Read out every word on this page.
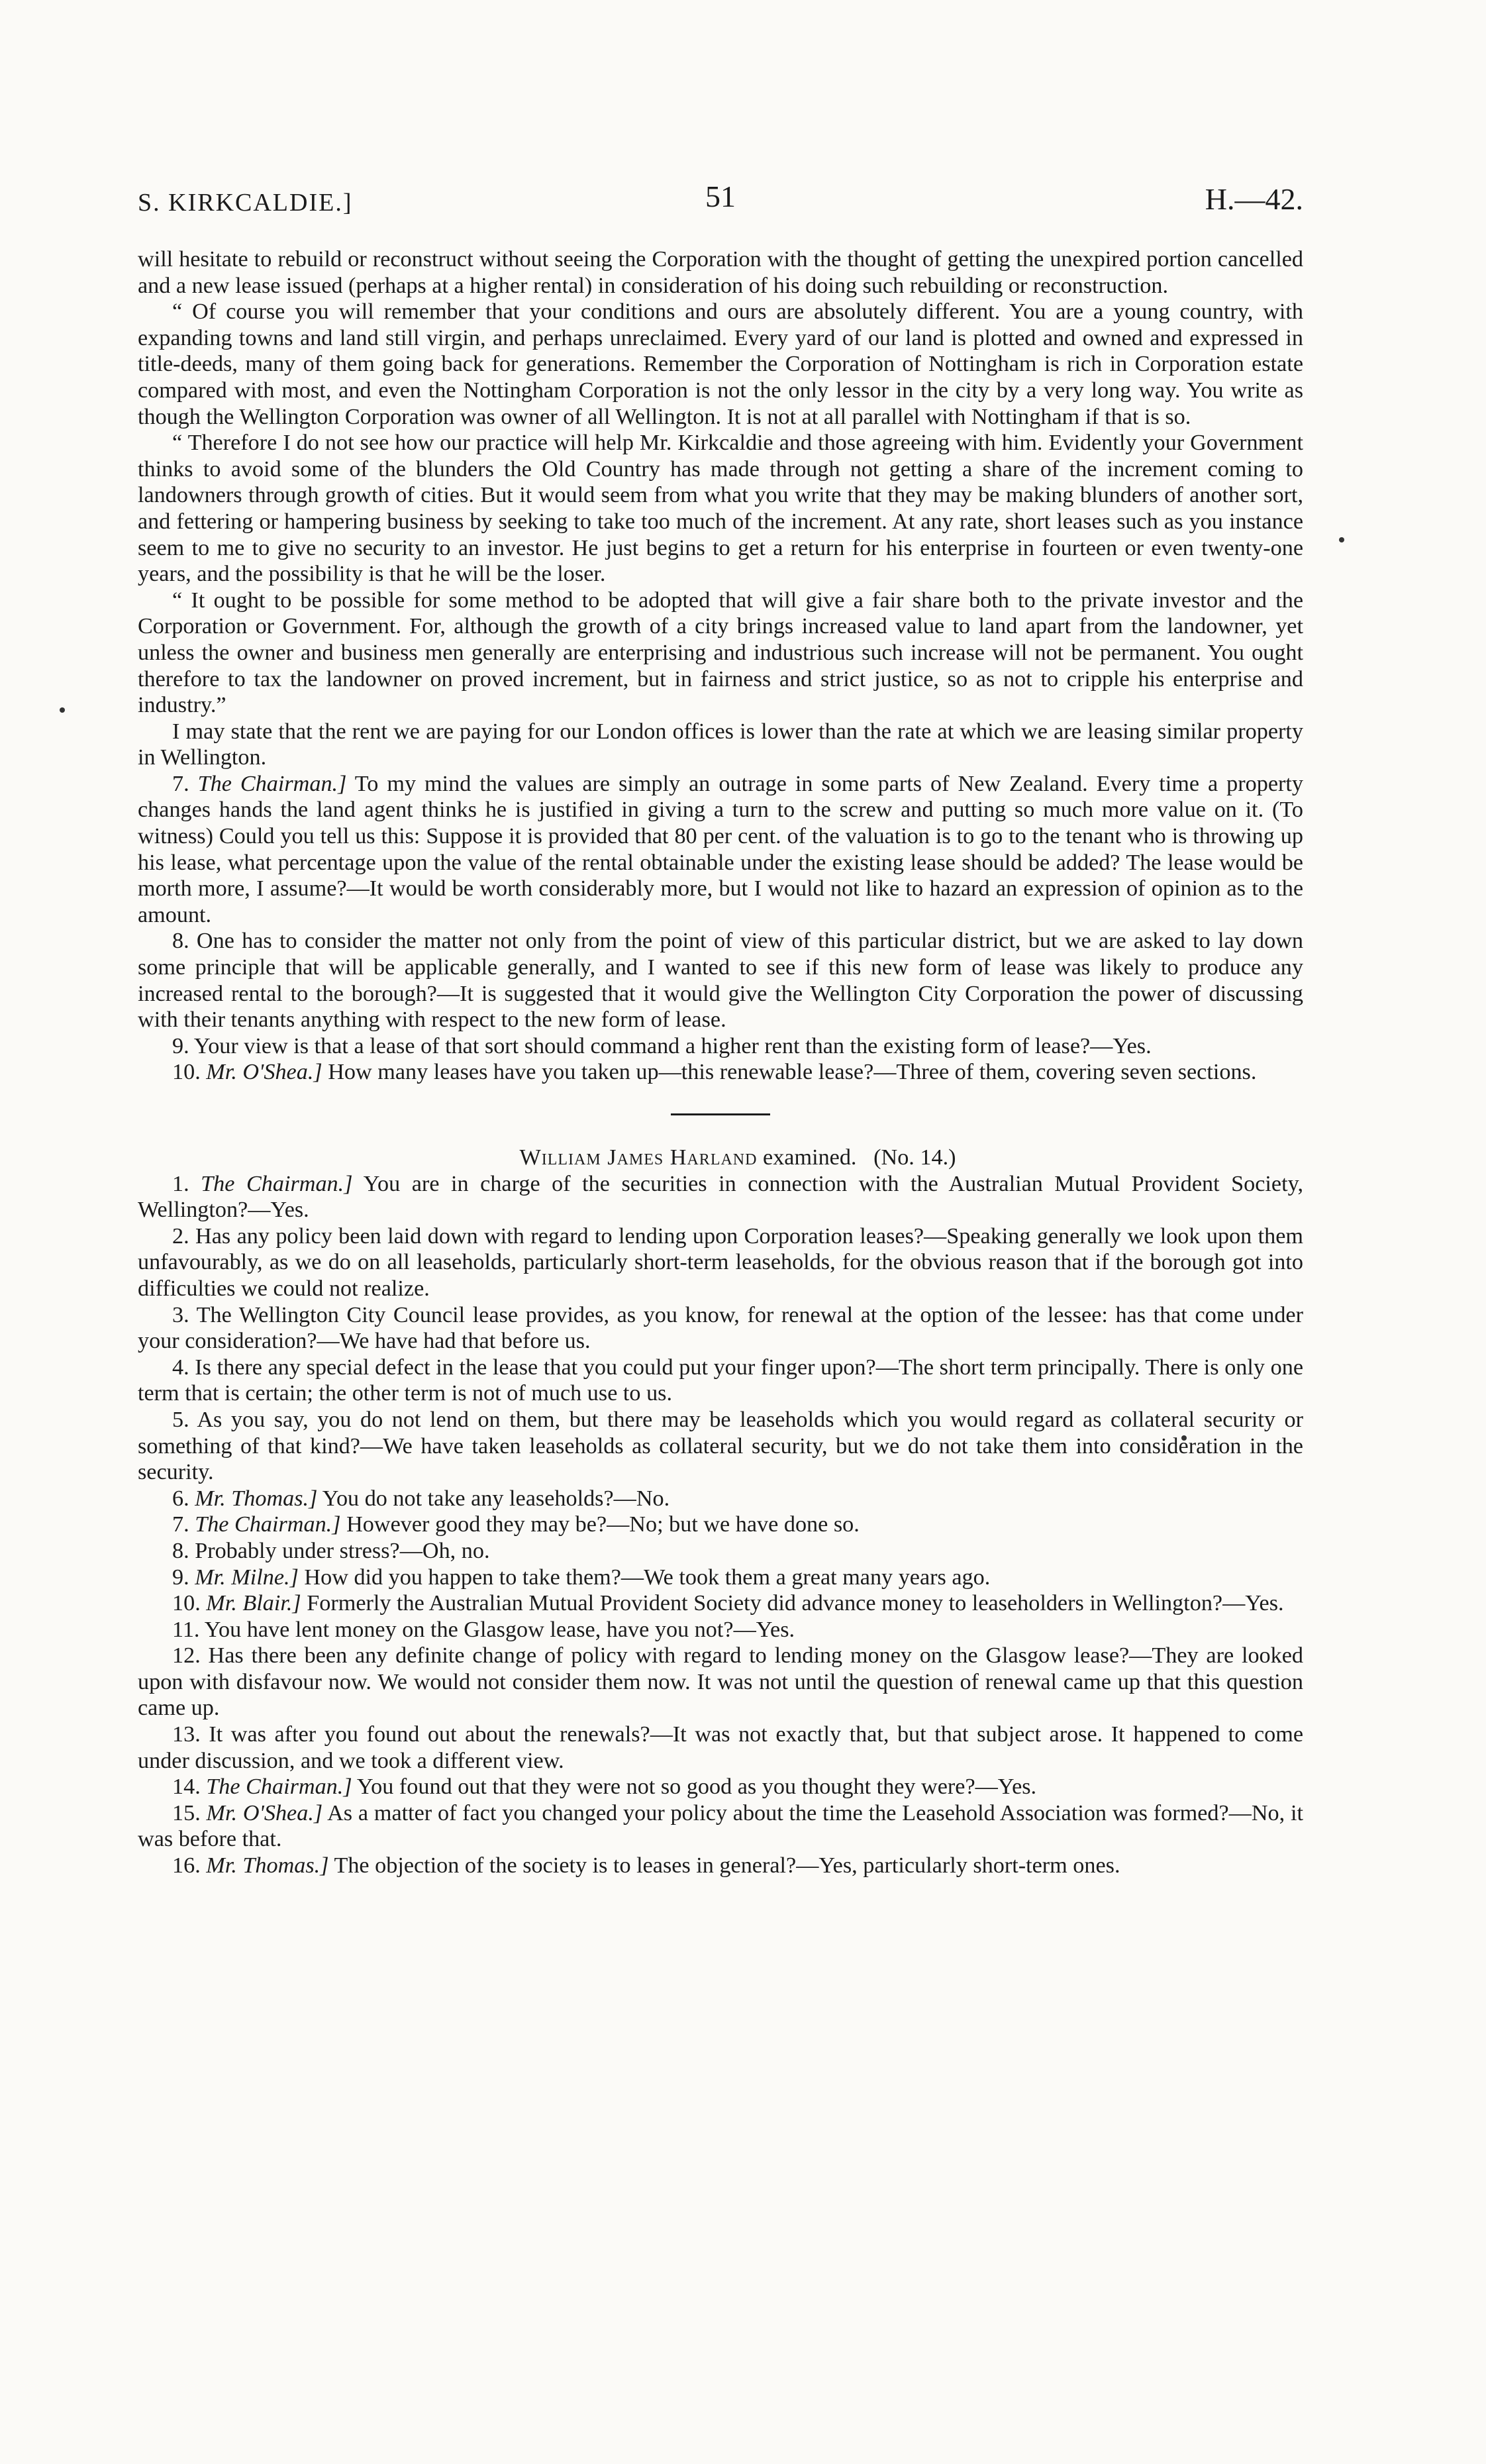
S. KIRKCALDIE.]	51	H.—42.

will hesitate to rebuild or reconstruct without seeing the Corporation with the thought of getting the unexpired portion cancelled and a new lease issued (perhaps at a higher rental) in consideration of his doing such rebuilding or reconstruction.

“ Of course you will remember that your conditions and ours are absolutely different. You are a young country, with expanding towns and land still virgin, and perhaps unreclaimed. Every yard of our land is plotted and owned and expressed in title-deeds, many of them going back for generations. Remember the Corporation of Nottingham is rich in Corporation estate compared with most, and even the Nottingham Corporation is not the only lessor in the city by a very long way. You write as though the Wellington Corporation was owner of all Wellington. It is not at all parallel with Nottingham if that is so.

“ Therefore I do not see how our practice will help Mr. Kirkcaldie and those agreeing with him. Evidently your Government thinks to avoid some of the blunders the Old Country has made through not getting a share of the increment coming to landowners through growth of cities. But it would seem from what you write that they may be making blunders of another sort, and fettering or hampering business by seeking to take too much of the increment. At any rate, short leases such as you instance seem to me to give no security to an investor. He just begins to get a return for his enterprise in fourteen or even twenty-one years, and the possibility is that he will be the loser.

“ It ought to be possible for some method to be adopted that will give a fair share both to the private investor and the Corporation or Government. For, although the growth of a city brings increased value to land apart from the landowner, yet unless the owner and business men generally are enterprising and industrious such increase will not be permanent. You ought therefore to tax the landowner on proved increment, but in fairness and strict justice, so as not to cripple his enterprise and industry.”

I may state that the rent we are paying for our London offices is lower than the rate at which we are leasing similar property in Wellington.

7. The Chairman.] To my mind the values are simply an outrage in some parts of New Zealand. Every time a property changes hands the land agent thinks he is justified in giving a turn to the screw and putting so much more value on it. (To witness) Could you tell us this: Suppose it is provided that 80 per cent. of the valuation is to go to the tenant who is throwing up his lease, what percentage upon the value of the rental obtainable under the existing lease should be added? The lease would be morth more, I assume?—It would be worth considerably more, but I would not like to hazard an expression of opinion as to the amount.

8. One has to consider the matter not only from the point of view of this particular district, but we are asked to lay down some principle that will be applicable generally, and I wanted to see if this new form of lease was likely to produce any increased rental to the borough?—It is suggested that it would give the Wellington City Corporation the power of discussing with their tenants anything with respect to the new form of lease.

9. Your view is that a lease of that sort should command a higher rent than the existing form of lease?—Yes.

10. Mr. O'Shea.] How many leases have you taken up—this renewable lease?—Three of them, covering seven sections.

William James Harland examined. (No. 14.)

1. The Chairman.] You are in charge of the securities in connection with the Australian Mutual Provident Society, Wellington?—Yes.

2. Has any policy been laid down with regard to lending upon Corporation leases?—Speaking generally we look upon them unfavourably, as we do on all leaseholds, particularly short-term leaseholds, for the obvious reason that if the borough got into difficulties we could not realize.

3. The Wellington City Council lease provides, as you know, for renewal at the option of the lessee: has that come under your consideration?—We have had that before us.

4. Is there any special defect in the lease that you could put your finger upon?—The short term principally. There is only one term that is certain; the other term is not of much use to us.

5. As you say, you do not lend on them, but there may be leaseholds which you would regard as collateral security or something of that kind?—We have taken leaseholds as collateral security, but we do not take them into consideration in the security.

6. Mr. Thomas.] You do not take any leaseholds?—No.

7. The Chairman.] However good they may be?—No; but we have done so.

8. Probably under stress?—Oh, no.

9. Mr. Milne.] How did you happen to take them?—We took them a great many years ago.

10. Mr. Blair.] Formerly the Australian Mutual Provident Society did advance money to leaseholders in Wellington?—Yes.

11. You have lent money on the Glasgow lease, have you not?—Yes.

12. Has there been any definite change of policy with regard to lending money on the Glasgow lease?—They are looked upon with disfavour now. We would not consider them now. It was not until the question of renewal came up that this question came up.

13. It was after you found out about the renewals?—It was not exactly that, but that subject arose. It happened to come under discussion, and we took a different view.

14. The Chairman.] You found out that they were not so good as you thought they were?—Yes.

15. Mr. O'Shea.] As a matter of fact you changed your policy about the time the Leasehold Association was formed?—No, it was before that.

16. Mr. Thomas.] The objection of the society is to leases in general?—Yes, particularly short-term ones.
